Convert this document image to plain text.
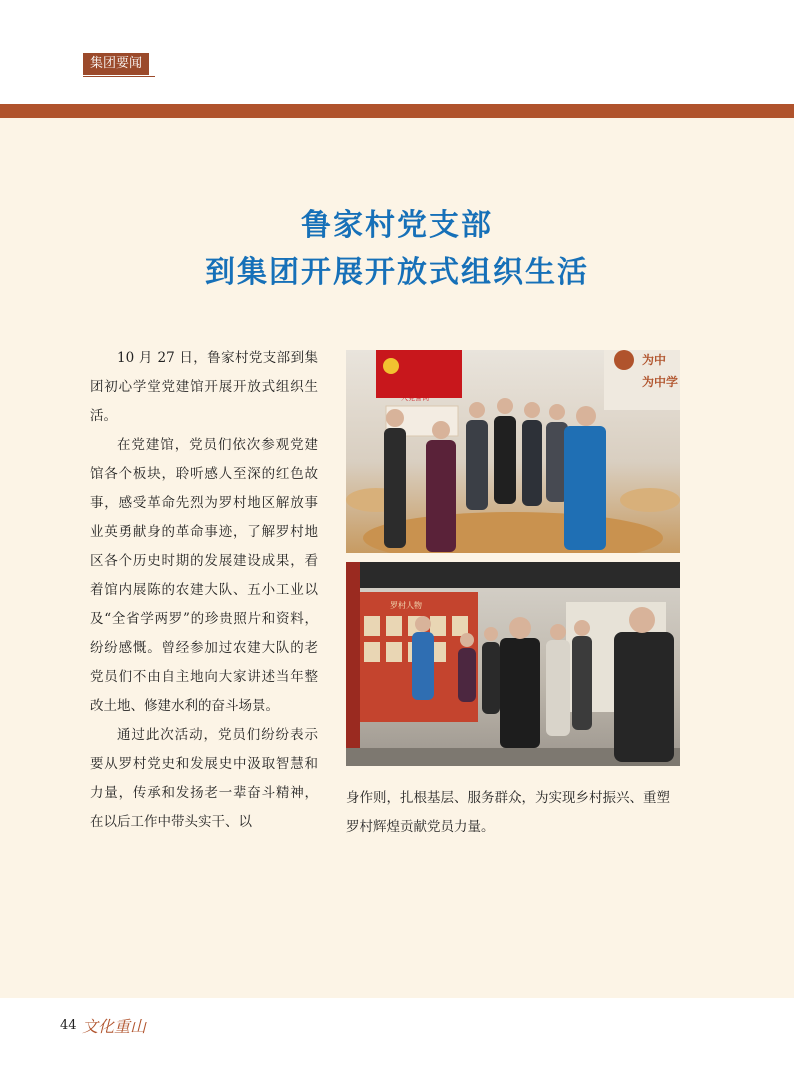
集团要闻
鲁家村党支部
到集团开展开放式组织生活

10 月 27 日，鲁家村党支部到集团初心学堂党建馆开展开放式组织生活。

在党建馆，党员们依次参观党建馆各个板块，聆听感人至深的红色故事，感受革命先烈为罗村地区解放事业英勇献身的革命事迹，了解罗村地区各个历史时期的发展建设成果，看着馆内展陈的农建大队、五小工业以及“全省学两罗”的珍贵照片和资料，纷纷感慨。曾经参加过农建大队的老党员们不由自主地向大家讲述当年整改土地、修建水利的奋斗场景。

通过此次活动，党员们纷纷表示要从罗村党史和发展史中汲取智慧和力量，传承和发扬老一辈奋斗精神，在以后工作中带头实干、以

入党誓词
为中
为中学
罗村人物
身作则，扎根基层、服务群众，为实现乡村振兴、重塑罗村辉煌贡献党员力量。
44 文化重山
